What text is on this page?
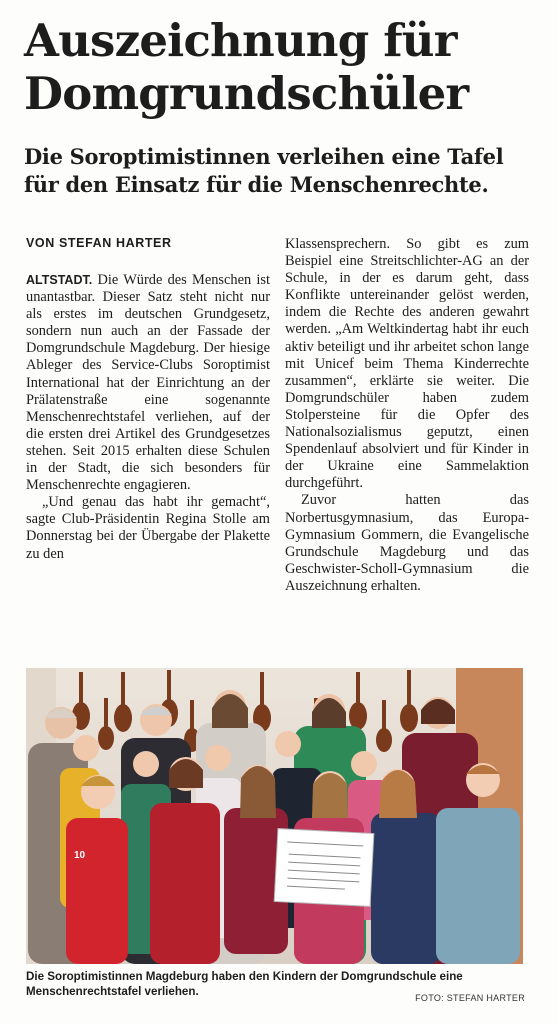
Auszeichnung für Domgrundschüler
Die Soroptimistinnen verleihen eine Tafel für den Einsatz für die Menschenrechte.
VON STEFAN HARTER

ALTSTADT. Die Würde des Menschen ist unantastbar. Dieser Satz steht nicht nur als erstes im deutschen Grundgesetz, sondern nun auch an der Fassade der Domgrundschule Magdeburg. Der hiesige Ableger des Service-Clubs Soroptimist International hat der Einrichtung an der Prälatenstraße eine sogenannte Menschenrechtstafel verliehen, auf der die ersten drei Artikel des Grundgesetzes stehen. Seit 2015 erhalten diese Schulen in der Stadt, die sich besonders für Menschenrechte engagieren.

„Und genau das habt ihr gemacht“, sagte Club-Präsidentin Regina Stolle am Donnerstag bei der Übergabe der Plakette zu den

Klassensprechern. So gibt es zum Beispiel eine Streitschlichter-AG an der Schule, in der es darum geht, dass Konflikte untereinander gelöst werden, indem die Rechte des anderen gewahrt werden. „Am Weltkindertag habt ihr euch aktiv beteiligt und ihr arbeitet schon lange mit Unicef beim Thema Kinderrechte zusammen“, erklärte sie weiter. Die Domgrundschüler haben zudem Stolpersteine für die Opfer des Nationalsozialismus geputzt, einen Spendenlauf absolviert und für Kinder in der Ukraine eine Sammelaktion durchgeführt.

Zuvor hatten das Norbertusgymnasium, das Europa-Gymnasium Gommern, die Evangelische Grundschule Magdeburg und das Geschwister-Scholl-Gymnasium die Auszeichnung erhalten.

10
Die Soroptimistinnen Magdeburg haben den Kindern der Domgrundschule eine Menschenrechtstafel verliehen.	FOTO: STEFAN HARTER
